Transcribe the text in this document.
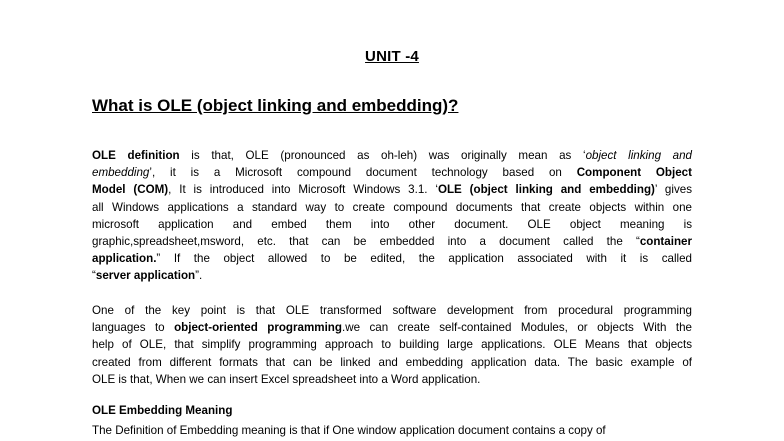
UNIT -4
What is OLE (object linking and embedding)?
OLE definition is that, OLE (pronounced as oh-leh) was originally mean as ‘object linking and
embedding’, it is a Microsoft compound document technology based on Component Object
Model (COM), It is introduced into Microsoft Windows 3.1. ‘OLE (object linking and embedding)’ gives
all Windows applications a standard way to create compound documents that create objects within one
microsoft application and embed them into other document. OLE object meaning is
graphic,spreadsheet,msword, etc. that can be embedded into a document called the “container
application.” If the object allowed to be edited, the application associated with it is called
“server application”.
One of the key point is that OLE transformed software development from procedural programming
languages to object-oriented programming.we can create self-contained Modules, or objects With the
help of OLE, that simplify programming approach to building large applications. OLE Means that objects
created from different formats that can be linked and embedding application data. The basic example of
OLE is that, When we can insert Excel spreadsheet into a Word application.
OLE Embedding Meaning
The Definition of Embedding meaning is that if One window application document contains a copy of
